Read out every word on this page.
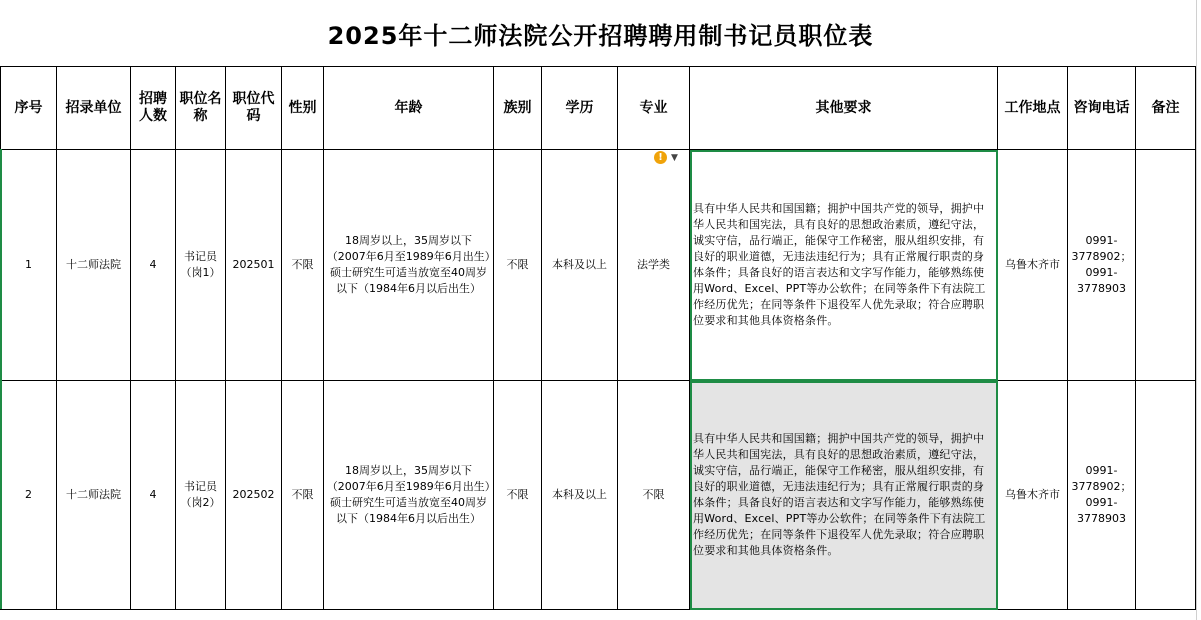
2025年十二师法院公开招聘聘用制书记员职位表
序号	招录单位	招聘人数	职位名称	职位代码	性别	年龄	族别	学历	专业	其他要求	工作地点	咨询电话	备注
1	十二师法院	4	书记员（岗1）	202501	不限	18周岁以上，35周岁以下（2007年6月至1989年6月出生）硕士研究生可适当放宽至40周岁以下（1984年6月以后出生）	不限	本科及以上	法学类	具有中华人民共和国国籍；拥护中国共产党的领导，拥护中华人民共和国宪法，具有良好的思想政治素质，遵纪守法，诚实守信，品行端正，能保守工作秘密，服从组织安排，有良好的职业道德，无违法违纪行为；具有正常履行职责的身体条件；具备良好的语言表达和文字写作能力，能够熟练使用Word、Excel、PPT等办公软件；在同等条件下有法院工作经历优先；在同等条件下退役军人优先录取；符合应聘职位要求和其他具体资格条件。	乌鲁木齐市	0991-3778902；0991-3778903	
2	十二师法院	4	书记员（岗2）	202502	不限	18周岁以上，35周岁以下（2007年6月至1989年6月出生）硕士研究生可适当放宽至40周岁以下（1984年6月以后出生）	不限	本科及以上	不限	具有中华人民共和国国籍；拥护中国共产党的领导，拥护中华人民共和国宪法，具有良好的思想政治素质，遵纪守法，诚实守信，品行端正，能保守工作秘密，服从组织安排，有良好的职业道德，无违法违纪行为；具有正常履行职责的身体条件；具备良好的语言表达和文字写作能力，能够熟练使用Word、Excel、PPT等办公软件；在同等条件下有法院工作经历优先；在同等条件下退役军人优先录取；符合应聘职位要求和其他具体资格条件。	乌鲁木齐市	0991-3778902；0991-3778903	
! ▼
